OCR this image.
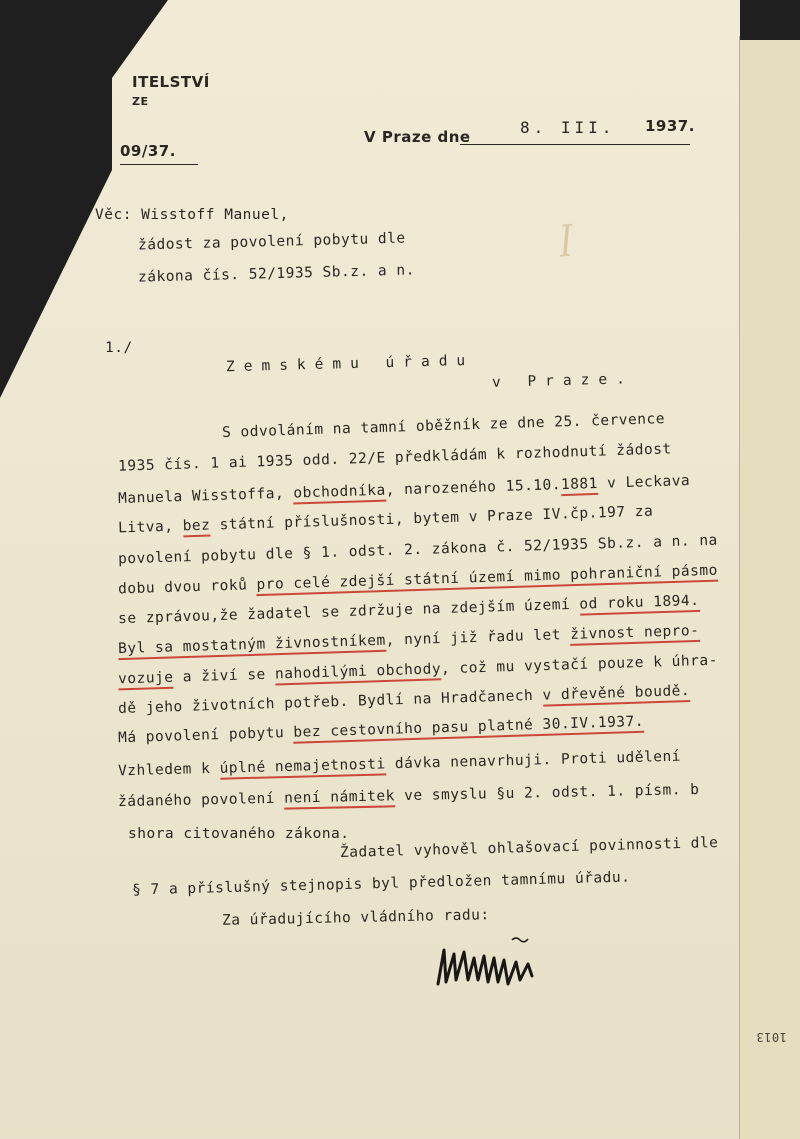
ꟾ
ITELSTVÍ
ZE
09/37.
V Praze dne	8. III. 1937.
Věc: Wisstoff Manuel,
žádost za povolení pobytu dle
zákona čís. 52/1935 Sb.z. a n.
1./
Zemskému úřadu
v Praze.
S odvoláním na tamní oběžník ze dne 25. července
1935 čís. 1 ai 1935 odd. 22/E předkládám k rozhodnutí žádost
Manuela Wisstoffa, obchodníka, narozeného 15.10.1881 v Leckava
Litva, bez státní příslušnosti, bytem v Praze IV.čp.197 za
povolení pobytu dle § 1. odst. 2. zákona č. 52/1935 Sb.z. a n. na
dobu dvou roků pro celé zdejší státní území mimo pohraniční pásmo
se zprávou,že žadatel se zdržuje na zdejším území od roku 1894.
Byl sa mostatným živnostníkem, nyní již řadu let živnost nepro-
vozuje a živí se nahodilými obchody, což mu vystačí pouze k úhra-
dě jeho životních potřeb. Bydlí na Hradčanech v dřevěné boudě.
Má povolení pobytu bez cestovního pasu platné 30.IV.1937.
Vzhledem k úplné nemajetnosti dávka nenavrhuji. Proti udělení
žádaného povolení není námitek ve smyslu §u 2. odst. 1. písm. b
shora citovaného zákona.
Žadatel vyhověl ohlašovací povinnosti dle
§ 7 a příslušný stejnopis byl předložen tamnímu úřadu.
Za úřadujícího vládního radu:
1013
